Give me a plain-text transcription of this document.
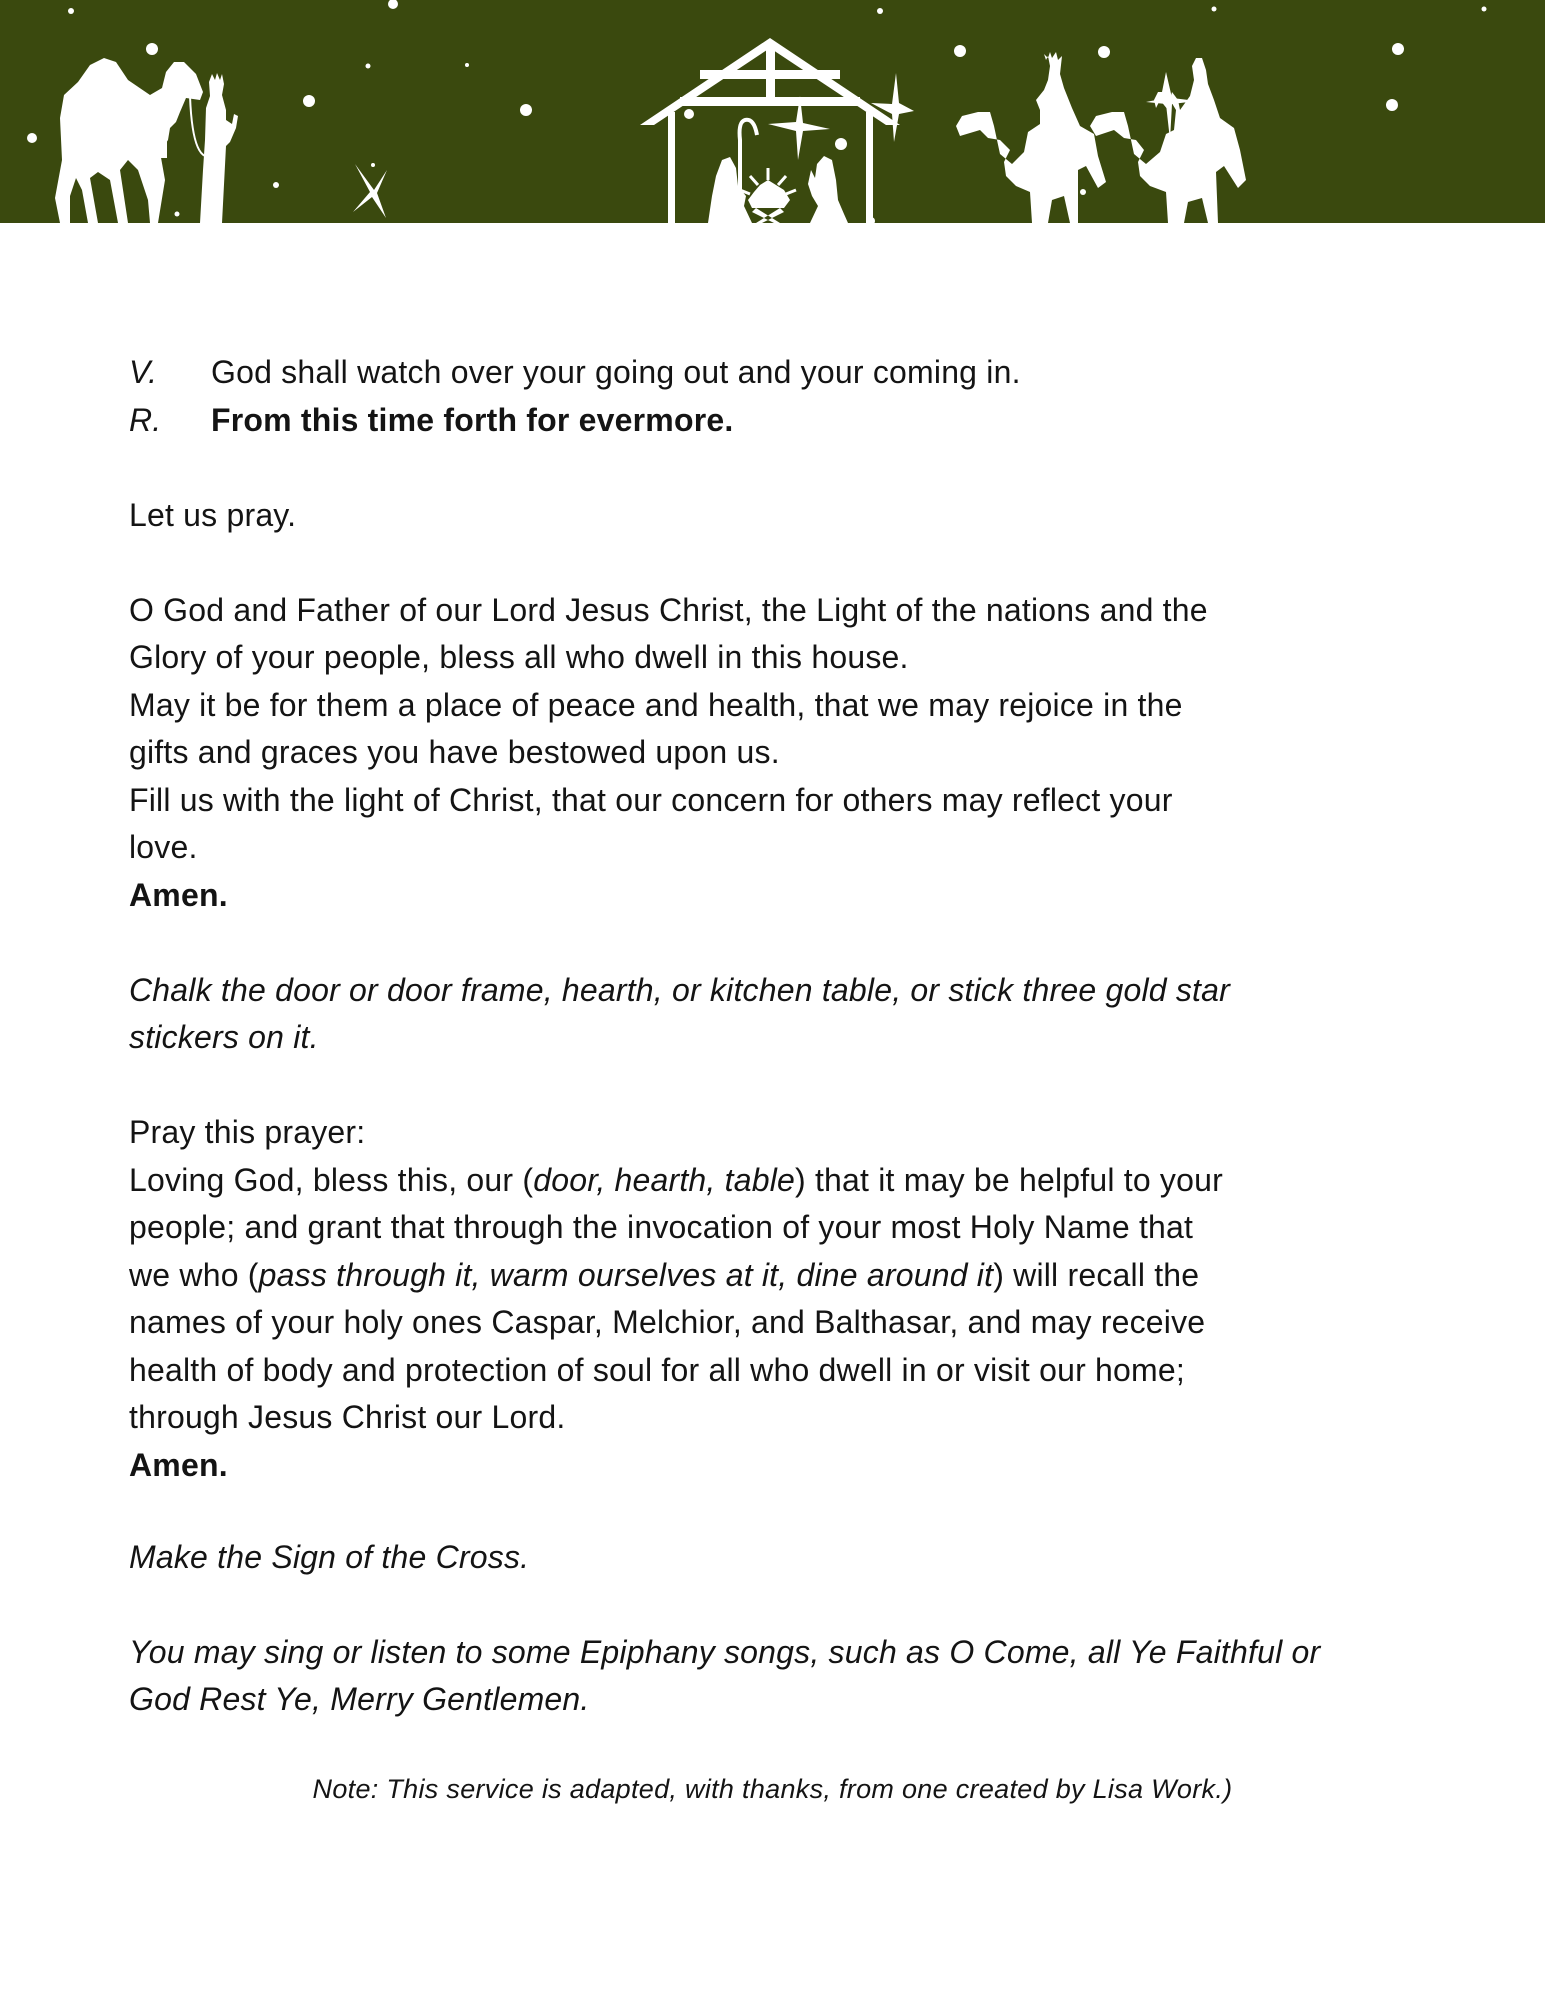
V. God shall watch over your going out and your coming in.
R. From this time forth for evermore.
Let us pray.
O God and Father of our Lord Jesus Christ, the Light of the nations and the
Glory of your people, bless all who dwell in this house.
May it be for them a place of peace and health, that we may rejoice in the
gifts and graces you have bestowed upon us.
Fill us with the light of Christ, that our concern for others may reflect your
love.
Amen.
Chalk the door or door frame, hearth, or kitchen table, or stick three gold star
stickers on it.
Pray this prayer:
Loving God, bless this, our (door, hearth, table) that it may be helpful to your
people; and grant that through the invocation of your most Holy Name that
we who (pass through it, warm ourselves at it, dine around it) will recall the
names of your holy ones Caspar, Melchior, and Balthasar, and may receive
health of body and protection of soul for all who dwell in or visit our home;
through Jesus Christ our Lord.
Amen.
Make the Sign of the Cross.
You may sing or listen to some Epiphany songs, such as O Come, all Ye Faithful or
God Rest Ye, Merry Gentlemen.
Note: This service is adapted, with thanks, from one created by Lisa Work.)
